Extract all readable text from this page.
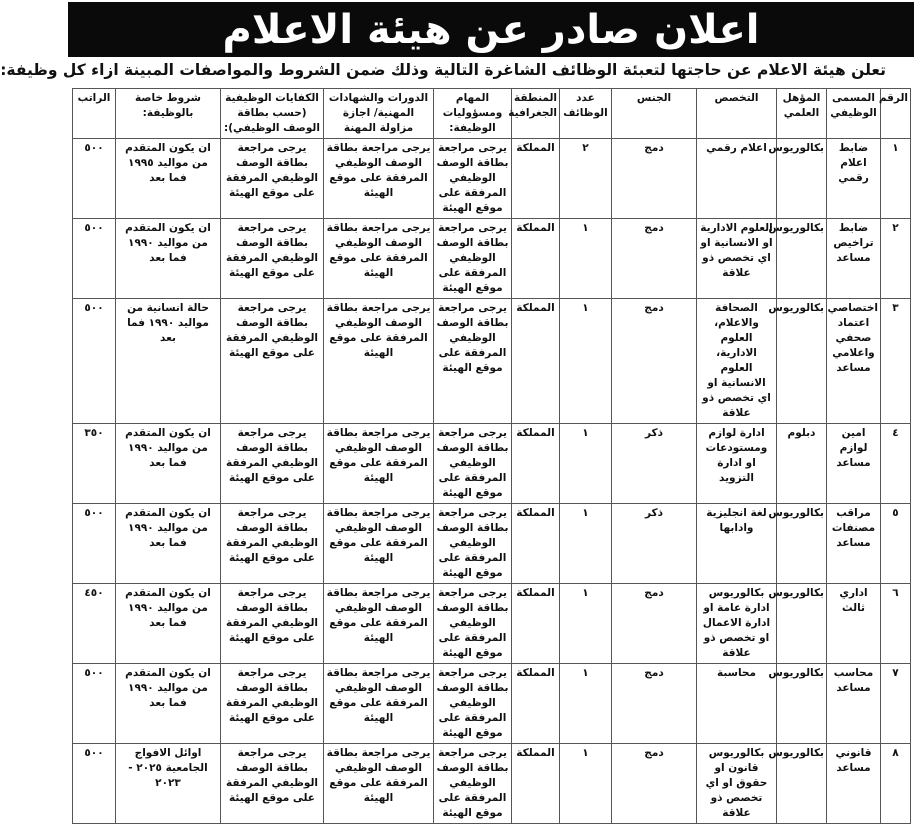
اعلان صادر عن هيئة الاعلام
تعلن هيئة الاعلام عن حاجتها لتعبئة الوظائف الشاغرة التالية وذلك ضمن الشروط والمواصفات المبينة ازاء كل وظيفة:
الرقم	المسمى الوظيفي	المؤهل العلمي	التخصص	الجنس	عدد الوظائف	المنطقة الجغرافية	المهام ومسؤوليات الوظيفة:	الدورات والشهادات المهنية/ اجازة مزاولة المهنة	الكفايات الوظيفية (حسب بطاقة الوصف الوظيفي):	شروط خاصة بالوظيفة:	الراتب
١	ضابط اعلام رقمي	بكالوريوس	اعلام رقمي	دمج	٢	المملكة	يرجى مراجعة بطاقة الوصف الوظيفي المرفقة على موقع الهيئة	يرجى مراجعة بطاقة الوصف الوظيفي المرفقة على موقع الهيئة	يرجى مراجعة بطاقة الوصف الوظيفي المرفقة على موقع الهيئة	ان يكون المتقدم من مواليد ١٩٩٥ فما بعد	٥٠٠
٢	ضابط تراخيص مساعد	بكالوريوس	العلوم الادارية او الانسانية او اي تخصص ذو علاقة	دمج	١	المملكة	يرجى مراجعة بطاقة الوصف الوظيفي المرفقة على موقع الهيئة	يرجى مراجعة بطاقة الوصف الوظيفي المرفقة على موقع الهيئة	يرجى مراجعة بطاقة الوصف الوظيفي المرفقة على موقع الهيئة	ان يكون المتقدم من مواليد ١٩٩٠ فما بعد	٥٠٠
٣	اختصاصي اعتماد صحفي واعلامي مساعد	بكالوريوس	الصحافة والاعلام، العلوم الادارية، العلوم الانسانية او اي تخصص ذو علاقة	دمج	١	المملكة	يرجى مراجعة بطاقة الوصف الوظيفي المرفقة على موقع الهيئة	يرجى مراجعة بطاقة الوصف الوظيفي المرفقة على موقع الهيئة	يرجى مراجعة بطاقة الوصف الوظيفي المرفقة على موقع الهيئة	حالة انسانية من مواليد ١٩٩٠ فما بعد	٥٠٠
٤	امين لوازم مساعد	دبلوم	ادارة لوازم ومستودعات او ادارة التزويد	ذكر	١	المملكة	يرجى مراجعة بطاقة الوصف الوظيفي المرفقة على موقع الهيئة	يرجى مراجعة بطاقة الوصف الوظيفي المرفقة على موقع الهيئة	يرجى مراجعة بطاقة الوصف الوظيفي المرفقة على موقع الهيئة	ان يكون المتقدم من مواليد ١٩٩٠ فما بعد	٣٥٠
٥	مراقب مصنفات مساعد	بكالوريوس	لغة انجليزية وادابها	ذكر	١	المملكة	يرجى مراجعة بطاقة الوصف الوظيفي المرفقة على موقع الهيئة	يرجى مراجعة بطاقة الوصف الوظيفي المرفقة على موقع الهيئة	يرجى مراجعة بطاقة الوصف الوظيفي المرفقة على موقع الهيئة	ان يكون المتقدم من مواليد ١٩٩٠ فما بعد	٥٠٠
٦	اداري ثالث	بكالوريوس	بكالوريوس ادارة عامة او ادارة الاعمال او تخصص ذو علاقة	دمج	١	المملكة	يرجى مراجعة بطاقة الوصف الوظيفي المرفقة على موقع الهيئة	يرجى مراجعة بطاقة الوصف الوظيفي المرفقة على موقع الهيئة	يرجى مراجعة بطاقة الوصف الوظيفي المرفقة على موقع الهيئة	ان يكون المتقدم من مواليد ١٩٩٠ فما بعد	٤٥٠
٧	محاسب مساعد	بكالوريوس	محاسبة	دمج	١	المملكة	يرجى مراجعة بطاقة الوصف الوظيفي المرفقة على موقع الهيئة	يرجى مراجعة بطاقة الوصف الوظيفي المرفقة على موقع الهيئة	يرجى مراجعة بطاقة الوصف الوظيفي المرفقة على موقع الهيئة	ان يكون المتقدم من مواليد ١٩٩٠ فما بعد	٥٠٠
٨	قانوني مساعد	بكالوريوس	بكالوريوس قانون او حقوق او اي تخصص ذو علاقة	دمج	١	المملكة	يرجى مراجعة بطاقة الوصف الوظيفي المرفقة على موقع الهيئة	يرجى مراجعة بطاقة الوصف الوظيفي المرفقة على موقع الهيئة	يرجى مراجعة بطاقة الوصف الوظيفي المرفقة على موقع الهيئة	اوائل الافواج الجامعية ٢٠٢٥ - ٢٠٢٣	٥٠٠
